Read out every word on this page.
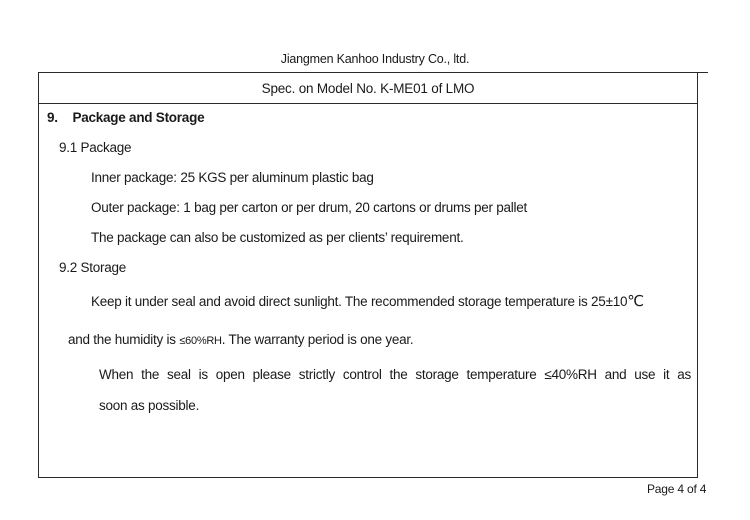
Jiangmen Kanhoo Industry Co., ltd.
Spec. on Model No. K-ME01 of LMO
9. Package and Storage
9.1 Package
Inner package: 25 KGS per aluminum plastic bag
Outer package: 1 bag per carton or per drum, 20 cartons or drums per pallet
The package can also be customized as per clients’ requirement.
9.2 Storage
Keep it under seal and avoid direct sunlight. The recommended storage temperature is 25±10℃
and the humidity is ≤60%RH. The warranty period is one year.
When the seal is open please strictly control the storage temperature ≤40%RH and use it as
soon as possible.
Page 4 of 4
